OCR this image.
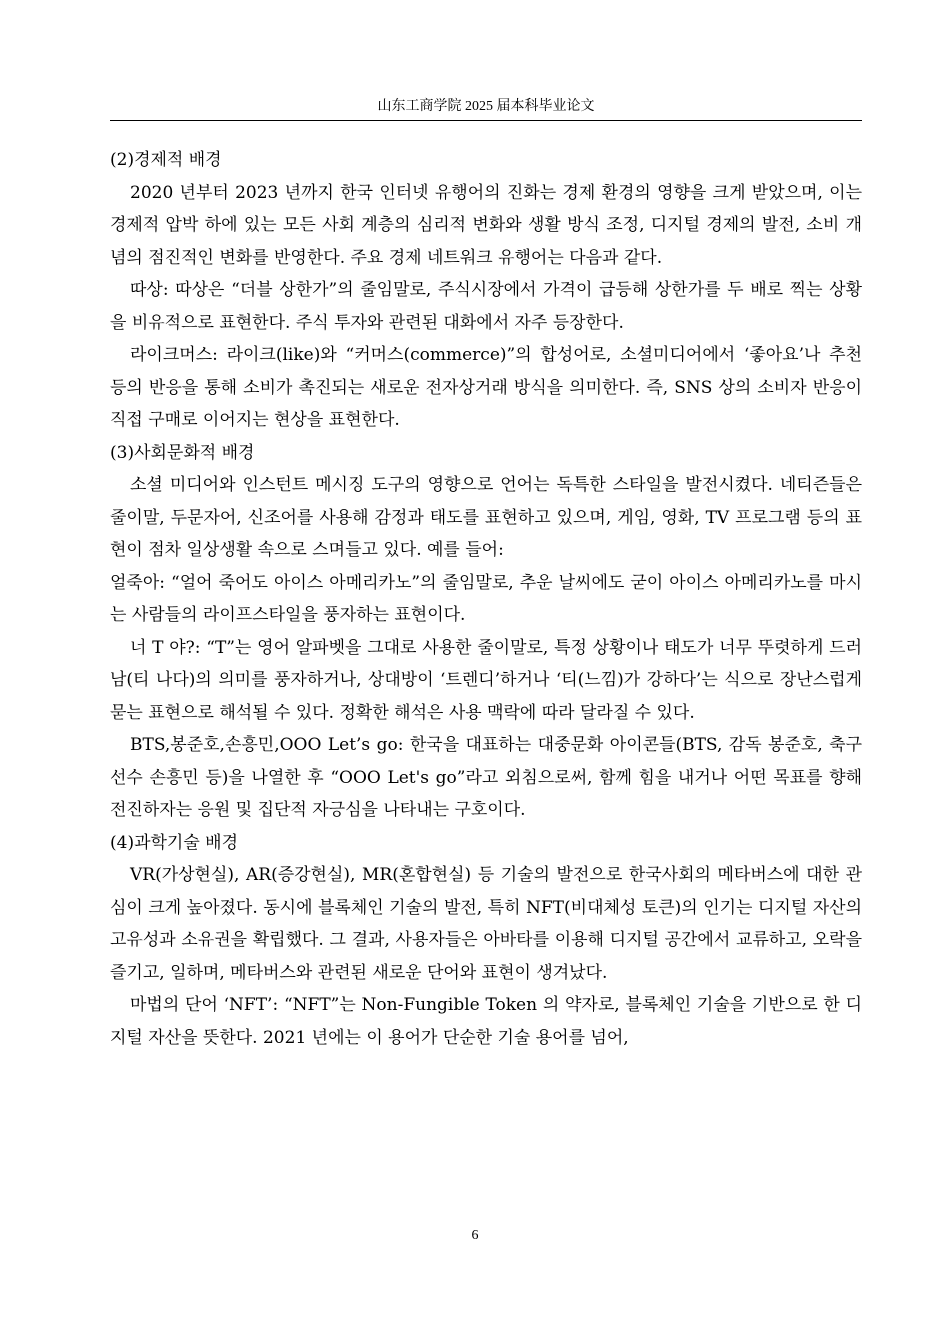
山东工商学院 2025 届本科毕业论文

(2)경제적 배경

2020 년부터 2023 년까지 한국 인터넷 유행어의 진화는 경제 환경의 영향을 크게 받았으며, 이는 경제적 압박 하에 있는 모든 사회 계층의 심리적 변화와 생활 방식 조정, 디지털 경제의 발전, 소비 개념의 점진적인 변화를 반영한다. 주요 경제 네트워크 유행어는 다음과 같다.

따상: 따상은 “더블 상한가”의 줄임말로, 주식시장에서 가격이 급등해 상한가를 두 배로 찍는 상황을 비유적으로 표현한다. 주식 투자와 관련된 대화에서 자주 등장한다.

라이크머스: 라이크(like)와 “커머스(commerce)”의 합성어로, 소셜미디어에서 ‘좋아요’나 추천 등의 반응을 통해 소비가 촉진되는 새로운 전자상거래 방식을 의미한다. 즉, SNS 상의 소비자 반응이 직접 구매로 이어지는 현상을 표현한다.

(3)사회문화적 배경

소셜 미디어와 인스턴트 메시징 도구의 영향으로 언어는 독특한 스타일을 발전시켰다. 네티즌들은 줄이말, 두문자어, 신조어를 사용해 감정과 태도를 표현하고 있으며, 게임, 영화, TV 프로그램 등의 표현이 점차 일상생활 속으로 스며들고 있다. 예를 들어:

얼죽아: “얼어 죽어도 아이스 아메리카노”의 줄임말로, 추운 날씨에도 굳이 아이스 아메리카노를 마시는 사람들의 라이프스타일을 풍자하는 표현이다.

너 T 야?: “T”는 영어 알파벳을 그대로 사용한 줄이말로, 특정 상황이나 태도가 너무 뚜렷하게 드러남(티 나다)의 의미를 풍자하거나, 상대방이 ‘트렌디’하거나 ‘티(느낌)가 강하다’는 식으로 장난스럽게 묻는 표현으로 해석될 수 있다. 정확한 해석은 사용 맥락에 따라 달라질 수 있다.

BTS,봉준호,손흥민,OOO Let’s go: 한국을 대표하는 대중문화 아이콘들(BTS, 감독 봉준호, 축구선수 손흥민 등)을 나열한 후 “OOO Let's go”라고 외침으로써, 함께 힘을 내거나 어떤 목표를 향해 전진하자는 응원 및 집단적 자긍심을 나타내는 구호이다.

(4)과학기술 배경

VR(가상현실), AR(증강현실), MR(혼합현실) 등 기술의 발전으로 한국사회의 메타버스에 대한 관심이 크게 높아졌다. 동시에 블록체인 기술의 발전, 특히 NFT(비대체성 토큰)의 인기는 디지털 자산의 고유성과 소유권을 확립했다. 그 결과, 사용자들은 아바타를 이용해 디지털 공간에서 교류하고, 오락을 즐기고, 일하며, 메타버스와 관련된 새로운 단어와 표현이 생겨났다.

마법의 단어 ‘NFT’: “NFT”는 Non-Fungible Token 의 약자로, 블록체인 기술을 기반으로 한 디지털 자산을 뜻한다. 2021 년에는 이 용어가 단순한 기술 용어를 넘어,

6
